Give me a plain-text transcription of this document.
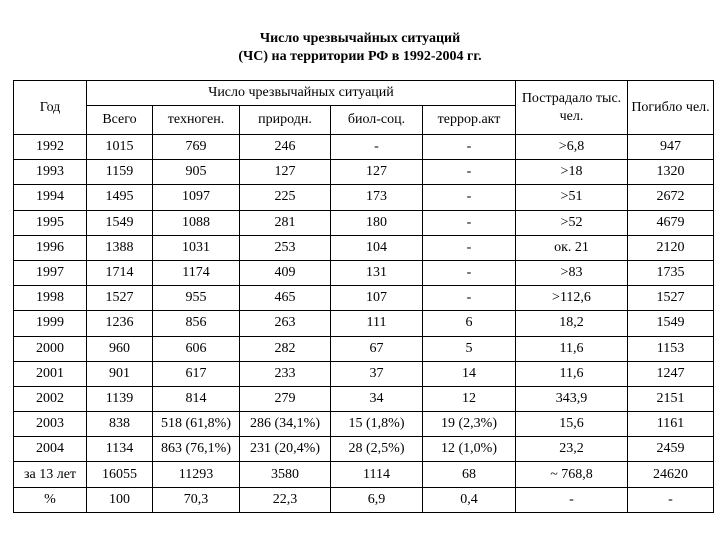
Число чрезвычайных ситуаций
(ЧС) на территории РФ в 1992-2004 гг.
Год	Число чрезвычайных ситуаций					Пострадало тыс. чел.	Погибло чел.
	Всего	техноген.	природн.	биол-соц.	террор.акт		
1992	1015	769	246	-	-	>6,8	947
1993	1159	905	127	127	-	>18	1320
1994	1495	1097	225	173	-	>51	2672
1995	1549	1088	281	180	-	>52	4679
1996	1388	1031	253	104	-	ок. 21	2120
1997	1714	1174	409	131	-	>83	1735
1998	1527	955	465	107	-	>112,6	1527
1999	1236	856	263	111	6	18,2	1549
2000	960	606	282	67	5	11,6	1153
2001	901	617	233	37	14	11,6	1247
2002	1139	814	279	34	12	343,9	2151
2003	838	518 (61,8%)	286 (34,1%)	15 (1,8%)	19 (2,3%)	15,6	1161
2004	1134	863 (76,1%)	231 (20,4%)	28 (2,5%)	12 (1,0%)	23,2	2459
за 13 лет	16055	11293	3580	1114	68	~ 768,8	24620
%	100	70,3	22,3	6,9	0,4	-	-
